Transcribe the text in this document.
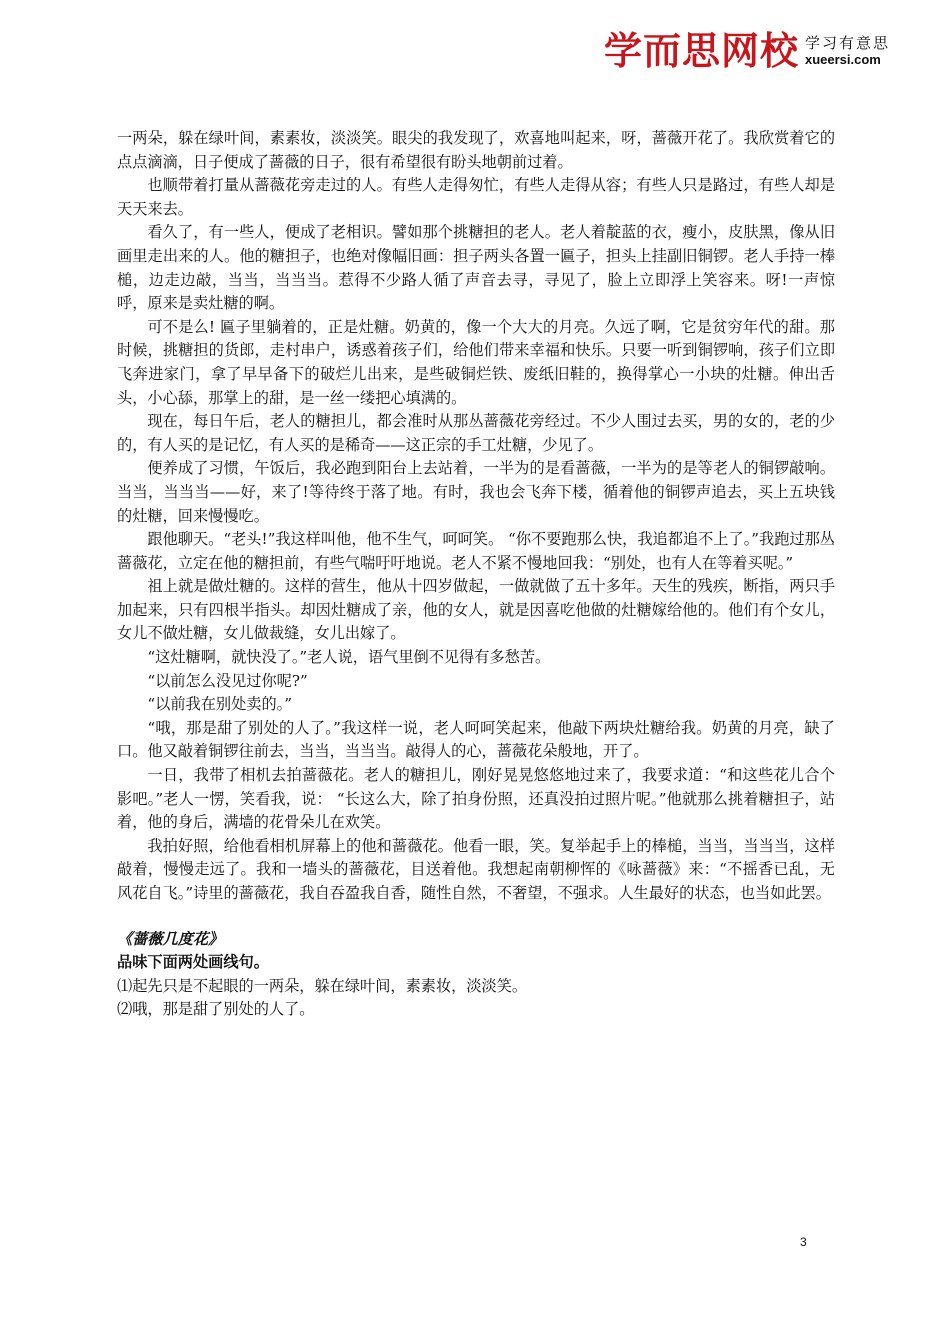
学而思网校 学习有意思
xueersi.com

一两朵，躲在绿叶间，素素妆，淡淡笑。眼尖的我发现了，欢喜地叫起来，呀，蔷薇开花了。我欣赏着它的点点滴滴，日子便成了蔷薇的日子，很有希望很有盼头地朝前过着。

也顺带着打量从蔷薇花旁走过的人。有些人走得匆忙，有些人走得从容；有些人只是路过，有些人却是天天来去。

看久了，有一些人，便成了老相识。譬如那个挑糖担的老人。老人着靛蓝的衣，瘦小，皮肤黑，像从旧画里走出来的人。他的糖担子，也绝对像幅旧画：担子两头各置一匾子，担头上挂副旧铜锣。老人手持一棒槌，边走边敲，当当，当当当。惹得不少路人循了声音去寻，寻见了，脸上立即浮上笑容来。呀!一声惊呼，原来是卖灶糖的啊。

可不是么! 匾子里躺着的，正是灶糖。奶黄的，像一个大大的月亮。久远了啊，它是贫穷年代的甜。那时候，挑糖担的货郎，走村串户，诱惑着孩子们，给他们带来幸福和快乐。只要一听到铜锣响，孩子们立即飞奔进家门，拿了早早备下的破烂儿出来，是些破铜烂铁、废纸旧鞋的，换得掌心一小块的灶糖。伸出舌头，小心舔，那掌上的甜，是一丝一缕把心填满的。

现在，每日午后，老人的糖担儿，都会准时从那丛蔷薇花旁经过。不少人围过去买，男的女的，老的少的，有人买的是记忆，有人买的是稀奇——这正宗的手工灶糖，少见了。

便养成了习惯，午饭后，我必跑到阳台上去站着，一半为的是看蔷薇，一半为的是等老人的铜锣敲响。当当，当当当——好，来了!等待终于落了地。有时，我也会飞奔下楼，循着他的铜锣声追去，买上五块钱的灶糖，回来慢慢吃。

跟他聊天。“老头!”我这样叫他，他不生气，呵呵笑。 “你不要跑那么快，我追都追不上了。”我跑过那丛蔷薇花，立定在他的糖担前，有些气喘吁吁地说。老人不紧不慢地回我：“别处，也有人在等着买呢。”

祖上就是做灶糖的。这样的营生，他从十四岁做起，一做就做了五十多年。天生的残疾，断指，两只手加起来，只有四根半指头。却因灶糖成了亲，他的女人，就是因喜吃他做的灶糖嫁给他的。他们有个女儿，女儿不做灶糖，女儿做裁缝，女儿出嫁了。

“这灶糖啊，就快没了。”老人说，语气里倒不见得有多愁苦。

“以前怎么没见过你呢?”

“以前我在别处卖的。”

“哦，那是甜了别处的人了。”我这样一说，老人呵呵笑起来，他敲下两块灶糖给我。奶黄的月亮，缺了口。他又敲着铜锣往前去，当当，当当当。敲得人的心，蔷薇花朵般地，开了。

一日，我带了相机去拍蔷薇花。老人的糖担儿，刚好晃晃悠悠地过来了，我要求道：“和这些花儿合个影吧。”老人一愣，笑看我，说： “长这么大，除了拍身份照，还真没拍过照片呢。”他就那么挑着糖担子，站着，他的身后，满墙的花骨朵儿在欢笑。

我拍好照，给他看相机屏幕上的他和蔷薇花。他看一眼，笑。复举起手上的棒槌，当当，当当当，这样敲着，慢慢走远了。我和一墙头的蔷薇花，目送着他。我想起南朝柳恽的《咏蔷薇》来：“不摇香已乱，无风花自飞。”诗里的蔷薇花，我自吞盈我自香，随性自然，不奢望，不强求。人生最好的状态，也当如此罢。

《蔷薇几度花》

品味下面两处画线句。

⑴起先只是不起眼的一两朵，躲在绿叶间，素素妆，淡淡笑。

⑵哦，那是甜了别处的人了。

3
